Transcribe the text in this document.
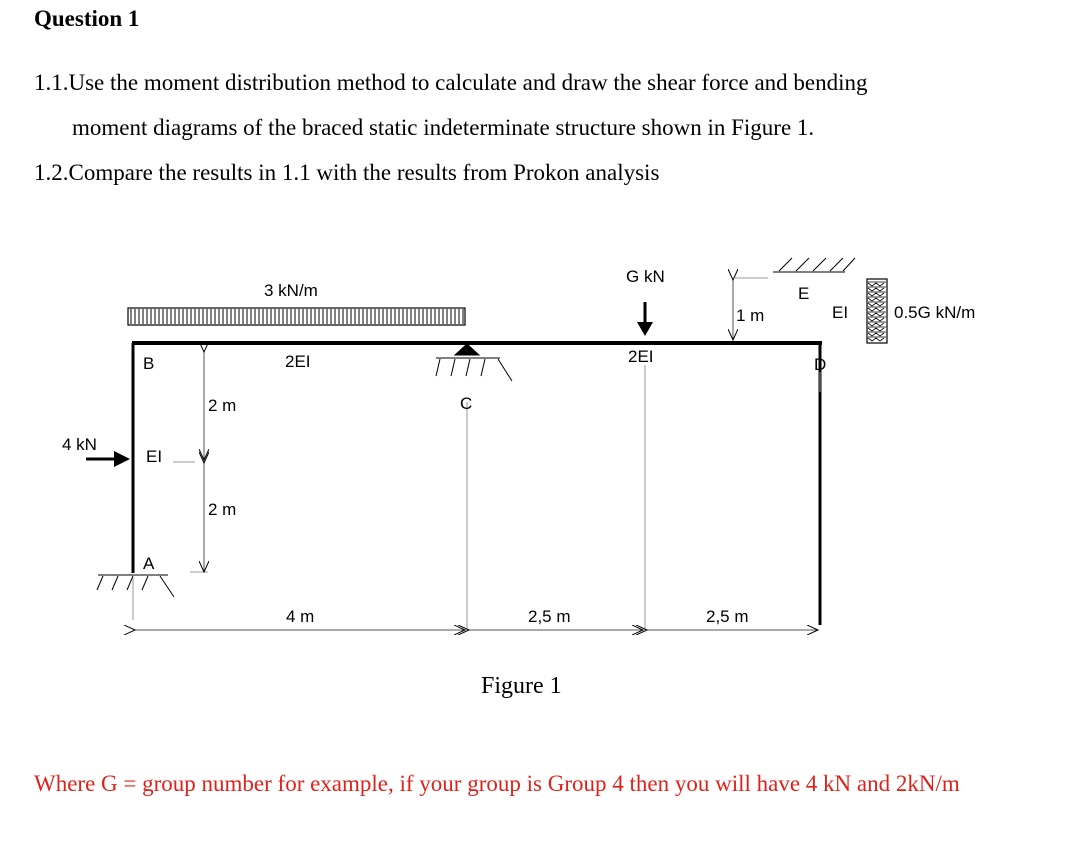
Question 1
1.1.Use the moment distribution method to calculate and draw the shear force and bending
moment diagrams of the braced static indeterminate structure shown in Figure 1.
1.2.Compare the results in 1.1 with the results from Prokon analysis
3 kN/m
G kN
0.5G kN/m
4 kN
B
C
D
E
A
2EI	2EI
EI
EI
2 m
2 m
1 m
4 m	2,5 m	2,5 m
Figure 1
Where G = group number for example, if your group is Group 4 then you will have 4 kN and 2kN/m
